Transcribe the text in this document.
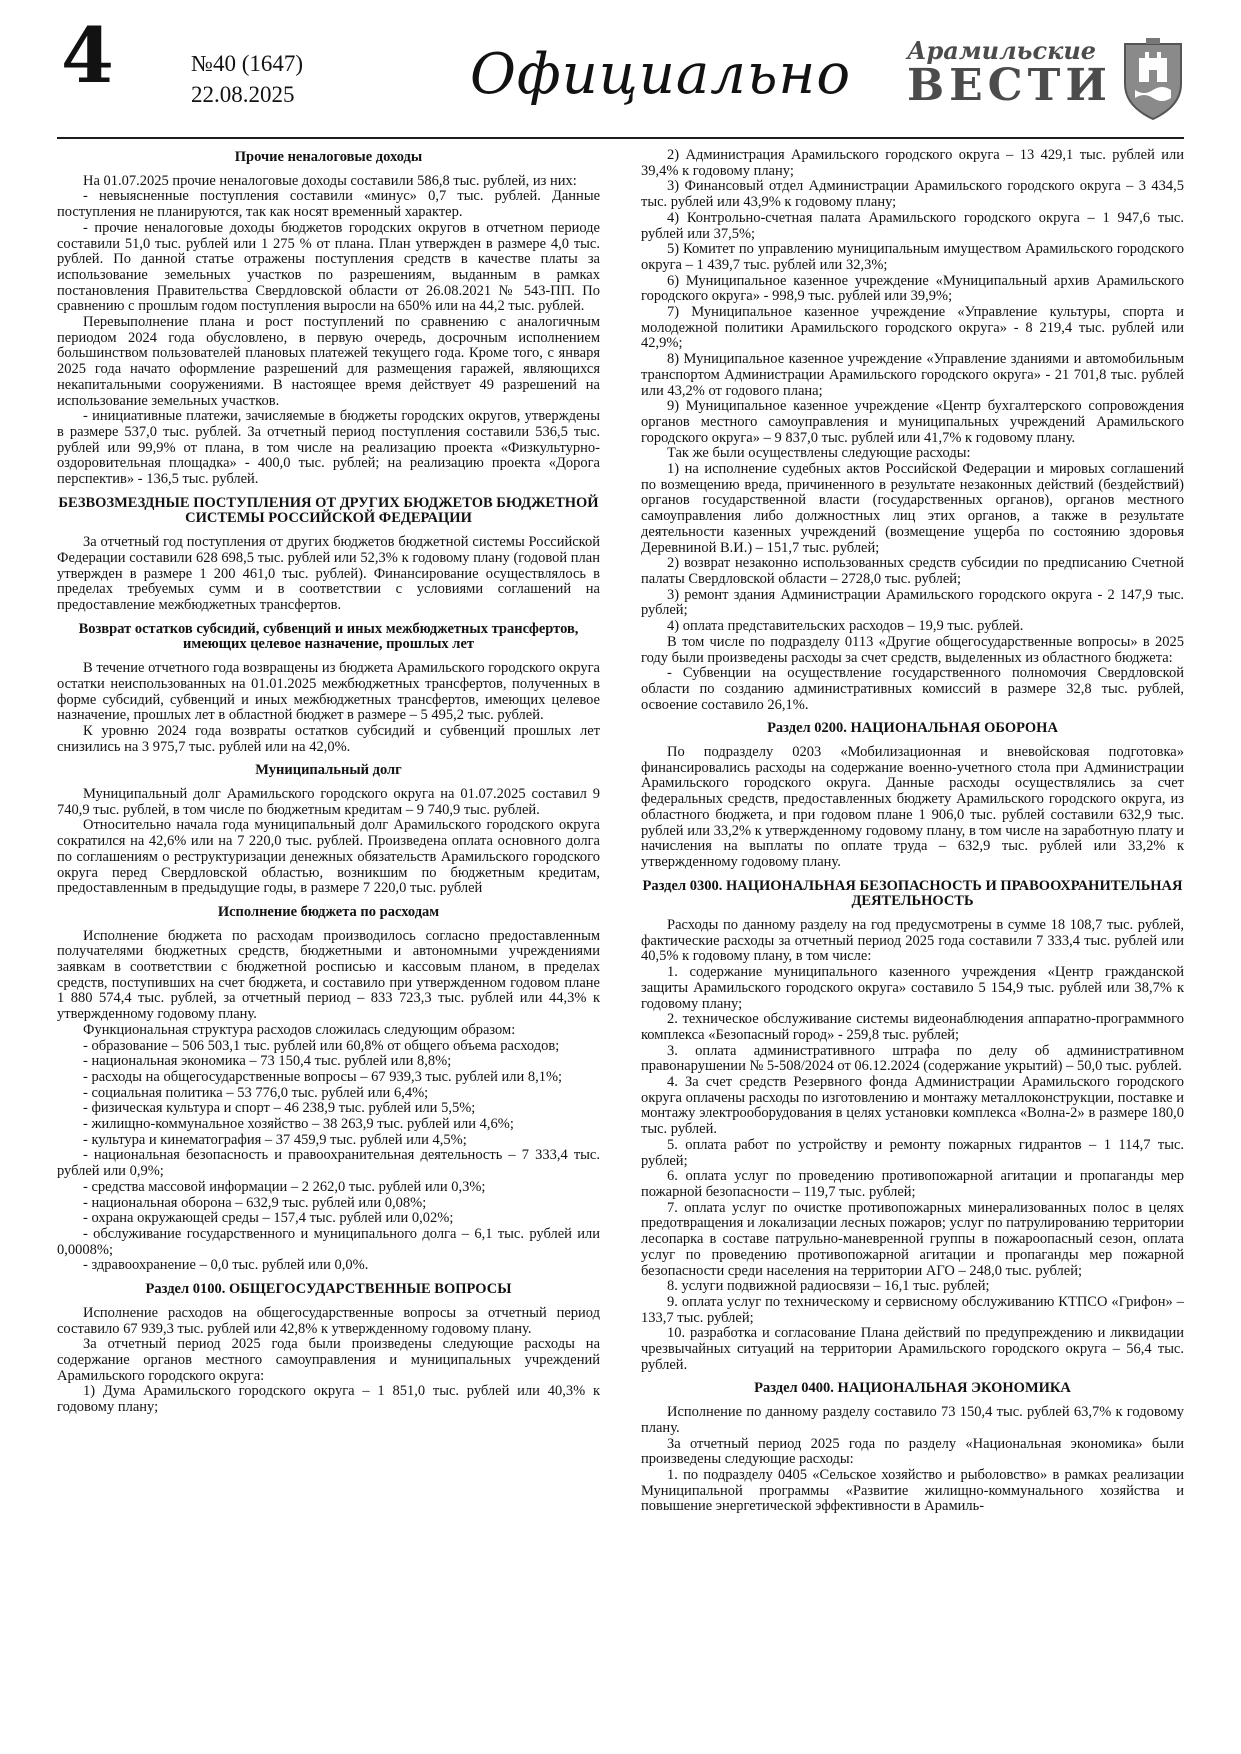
4	№40 (1647)
22.08.2025	Официально	Арамильские
ВЕСТИ
Прочие неналоговые доходы

На 01.07.2025 прочие неналоговые доходы составили 586,8 тыс. рублей, из них:

- невыясненные поступления составили «минус» 0,7 тыс. рублей. Данные поступления не планируются, так как носят временный характер.

- прочие неналоговые доходы бюджетов городских округов в отчетном периоде составили 51,0 тыс. рублей или 1 275 % от плана. План утвержден в размере 4,0 тыс. рублей. По данной статье отражены поступления средств в качестве платы за использование земельных участков по разрешениям, выданным в рамках постановления Правительства Свердловской области от 26.08.2021 № 543-ПП. По сравнению с прошлым годом поступления выросли на 650% или на 44,2 тыс. рублей.

Перевыполнение плана и рост поступлений по сравнению с аналогичным периодом 2024 года обусловлено, в первую очередь, досрочным исполнением большинством пользователей плановых платежей текущего года. Кроме того, с января 2025 года начато оформление разрешений для размещения гаражей, являющихся некапитальными сооружениями. В настоящее время действует 49 разрешений на использование земельных участков.

- инициативные платежи, зачисляемые в бюджеты городских округов, утверждены в размере 537,0 тыс. рублей. За отчетный период поступления составили 536,5 тыс. рублей или 99,9% от плана, в том числе на реализацию проекта «Физкультурно-оздоровительная площадка» - 400,0 тыс. рублей; на реализацию проекта «Дорога перспектив» - 136,5 тыс. рублей.

БЕЗВОЗМЕЗДНЫЕ ПОСТУПЛЕНИЯ ОТ ДРУГИХ БЮДЖЕТОВ БЮДЖЕТНОЙ СИСТЕМЫ РОССИЙСКОЙ ФЕДЕРАЦИИ

За отчетный год поступления от других бюджетов бюджетной системы Российской Федерации составили 628 698,5 тыс. рублей или 52,3% к годовому плану (годовой план утвержден в размере 1 200 461,0 тыс. рублей). Финансирование осуществлялось в пределах требуемых сумм и в соответствии с условиями соглашений на предоставление межбюджетных трансфертов.

Возврат остатков субсидий, субвенций и иных межбюджетных трансфертов, имеющих целевое назначение, прошлых лет

В течение отчетного года возвращены из бюджета Арамильского городского округа остатки неиспользованных на 01.01.2025 межбюджетных трансфертов, полученных в форме субсидий, субвенций и иных межбюджетных трансфертов, имеющих целевое назначение, прошлых лет в областной бюджет в размере – 5 495,2 тыс. рублей.

К уровню 2024 года возвраты остатков субсидий и субвенций прошлых лет снизились на 3 975,7 тыс. рублей или на 42,0%.

Муниципальный долг

Муниципальный долг Арамильского городского округа на 01.07.2025 составил 9 740,9 тыс. рублей, в том числе по бюджетным кредитам – 9 740,9 тыс. рублей.

Относительно начала года муниципальный долг Арамильского городского округа сократился на 42,6% или на 7 220,0 тыс. рублей. Произведена оплата основного долга по соглашениям о реструктуризации денежных обязательств Арамильского городского округа перед Свердловской областью, возникшим по бюджетным кредитам, предоставленным в предыдущие годы, в размере 7 220,0 тыс. рублей

Исполнение бюджета по расходам

Исполнение бюджета по расходам производилось согласно предоставленным получателями бюджетных средств, бюджетными и автономными учреждениями заявкам в соответствии с бюджетной росписью и кассовым планом, в пределах средств, поступивших на счет бюджета, и составило при утвержденном годовом плане 1 880 574,4 тыс. рублей, за отчетный период – 833 723,3 тыс. рублей или 44,3% к утвержденному годовому плану.

Функциональная структура расходов сложилась следующим образом:

- образование – 506 503,1 тыс. рублей или 60,8% от общего объема расходов;

- национальная экономика – 73 150,4 тыс. рублей или 8,8%;

- расходы на общегосударственные вопросы – 67 939,3 тыс. рублей или 8,1%;

- социальная политика – 53 776,0 тыс. рублей или 6,4%;

- физическая культура и спорт – 46 238,9 тыс. рублей или 5,5%;

- жилищно-коммунальное хозяйство – 38 263,9 тыс. рублей или 4,6%;

- культура и кинематография – 37 459,9 тыс. рублей или 4,5%;

- национальная безопасность и правоохранительная деятельность – 7 333,4 тыс. рублей или 0,9%;

- средства массовой информации – 2 262,0 тыс. рублей или 0,3%;

- национальная оборона – 632,9 тыс. рублей или 0,08%;

- охрана окружающей среды – 157,4 тыс. рублей или 0,02%;

- обслуживание государственного и муниципального долга – 6,1 тыс. рублей или 0,0008%;

- здравоохранение – 0,0 тыс. рублей или 0,0%.

Раздел 0100. ОБЩЕГОСУДАРСТВЕННЫЕ ВОПРОСЫ

Исполнение расходов на общегосударственные вопросы за отчетный период составило 67 939,3 тыс. рублей или 42,8% к утвержденному годовому плану.

За отчетный период 2025 года были произведены следующие расходы на содержание органов местного самоуправления и муниципальных учреждений Арамильского городского округа:

1) Дума Арамильского городского округа – 1 851,0 тыс. рублей или 40,3% к годовому плану;

2) Администрация Арамильского городского округа – 13 429,1 тыс. рублей или 39,4% к годовому плану;

3) Финансовый отдел Администрации Арамильского городского округа – 3 434,5 тыс. рублей или 43,9% к годовому плану;

4) Контрольно-счетная палата Арамильского городского округа – 1 947,6 тыс. рублей или 37,5%;

5) Комитет по управлению муниципальным имуществом Арамильского городского округа – 1 439,7 тыс. рублей или 32,3%;

6) Муниципальное казенное учреждение «Муниципальный архив Арамильского городского округа» - 998,9 тыс. рублей или 39,9%;

7) Муниципальное казенное учреждение «Управление культуры, спорта и молодежной политики Арамильского городского округа» - 8 219,4 тыс. рублей или 42,9%;

8) Муниципальное казенное учреждение «Управление зданиями и автомобильным транспортом Администрации Арамильского городского округа» - 21 701,8 тыс. рублей или 43,2% от годового плана;

9) Муниципальное казенное учреждение «Центр бухгалтерского сопровождения органов местного самоуправления и муниципальных учреждений Арамильского городского округа» – 9 837,0 тыс. рублей или 41,7% к годовому плану.

Так же были осуществлены следующие расходы:

1) на исполнение судебных актов Российской Федерации и мировых соглашений по возмещению вреда, причиненного в результате незаконных действий (бездействий) органов государственной власти (государственных органов), органов местного самоуправления либо должностных лиц этих органов, а также в результате деятельности казенных учреждений (возмещение ущерба по состоянию здоровья Деревниной В.И.) – 151,7 тыс. рублей;

2) возврат незаконно использованных средств субсидии по предписанию Счетной палаты Свердловской области – 2728,0 тыс. рублей;

3) ремонт здания Администрации Арамильского городского округа - 2 147,9 тыс. рублей;

4) оплата представительских расходов – 19,9 тыс. рублей.

В том числе по подразделу 0113 «Другие общегосударственные вопросы» в 2025 году были произведены расходы за счет средств, выделенных из областного бюджета:

- Субвенции на осуществление государственного полномочия Свердловской области по созданию административных комиссий в размере 32,8 тыс. рублей, освоение составило 26,1%.

Раздел 0200. НАЦИОНАЛЬНАЯ ОБОРОНА

По подразделу 0203 «Мобилизационная и вневойсковая подготовка» финансировались расходы на содержание военно-учетного стола при Администрации Арамильского городского округа. Данные расходы осуществлялись за счет федеральных средств, предоставленных бюджету Арамильского городского округа, из областного бюджета, и при годовом плане 1 906,0 тыс. рублей составили 632,9 тыс. рублей или 33,2% к утвержденному годовому плану, в том числе на заработную плату и начисления на выплаты по оплате труда – 632,9 тыс. рублей или 33,2% к утвержденному годовому плану.

Раздел 0300. НАЦИОНАЛЬНАЯ БЕЗОПАСНОСТЬ И ПРАВООХРАНИТЕЛЬНАЯ ДЕЯТЕЛЬНОСТЬ

Расходы по данному разделу на год предусмотрены в сумме 18 108,7 тыс. рублей, фактические расходы за отчетный период 2025 года составили 7 333,4 тыс. рублей или 40,5% к годовому плану, в том числе:

1. содержание муниципального казенного учреждения «Центр гражданской защиты Арамильского городского округа» составило 5 154,9 тыс. рублей или 38,7% к годовому плану;

2. техническое обслуживание системы видеонаблюдения аппаратно-программного комплекса «Безопасный город» - 259,8 тыс. рублей;

3. оплата административного штрафа по делу об административном правонарушении № 5-508/2024 от 06.12.2024 (содержание укрытий) – 50,0 тыс. рублей.

4. За счет средств Резервного фонда Администрации Арамильского городского округа оплачены расходы по изготовлению и монтажу металлоконструкции, поставке и монтажу электрооборудования в целях установки комплекса «Волна-2» в размере 180,0 тыс. рублей.

5. оплата работ по устройству и ремонту пожарных гидрантов – 1 114,7 тыс. рублей;

6. оплата услуг по проведению противопожарной агитации и пропаганды мер пожарной безопасности – 119,7 тыс. рублей;

7. оплата услуг по очистке противопожарных минерализованных полос в целях предотвращения и локализации лесных пожаров; услуг по патрулированию территории лесопарка в составе патрульно-маневренной группы в пожароопасный сезон, оплата услуг по проведению противопожарной агитации и пропаганды мер пожарной безопасности среди населения на территории АГО – 248,0 тыс. рублей;

8. услуги подвижной радиосвязи – 16,1 тыс. рублей;

9. оплата услуг по техническому и сервисному обслуживанию КТПСО «Грифон» – 133,7 тыс. рублей;

10. разработка и согласование Плана действий по предупреждению и ликвидации чрезвычайных ситуаций на территории Арамильского городского округа – 56,4 тыс. рублей.

Раздел 0400. НАЦИОНАЛЬНАЯ ЭКОНОМИКА

Исполнение по данному разделу составило 73 150,4 тыс. рублей 63,7% к годовому плану.

За отчетный период 2025 года по разделу «Национальная экономика» были произведены следующие расходы:

1. по подразделу 0405 «Сельское хозяйство и рыболовство» в рамках реализации Муниципальной программы «Развитие жилищно-коммунального хозяйства и повышение энергетической эффективности в Арамиль-
